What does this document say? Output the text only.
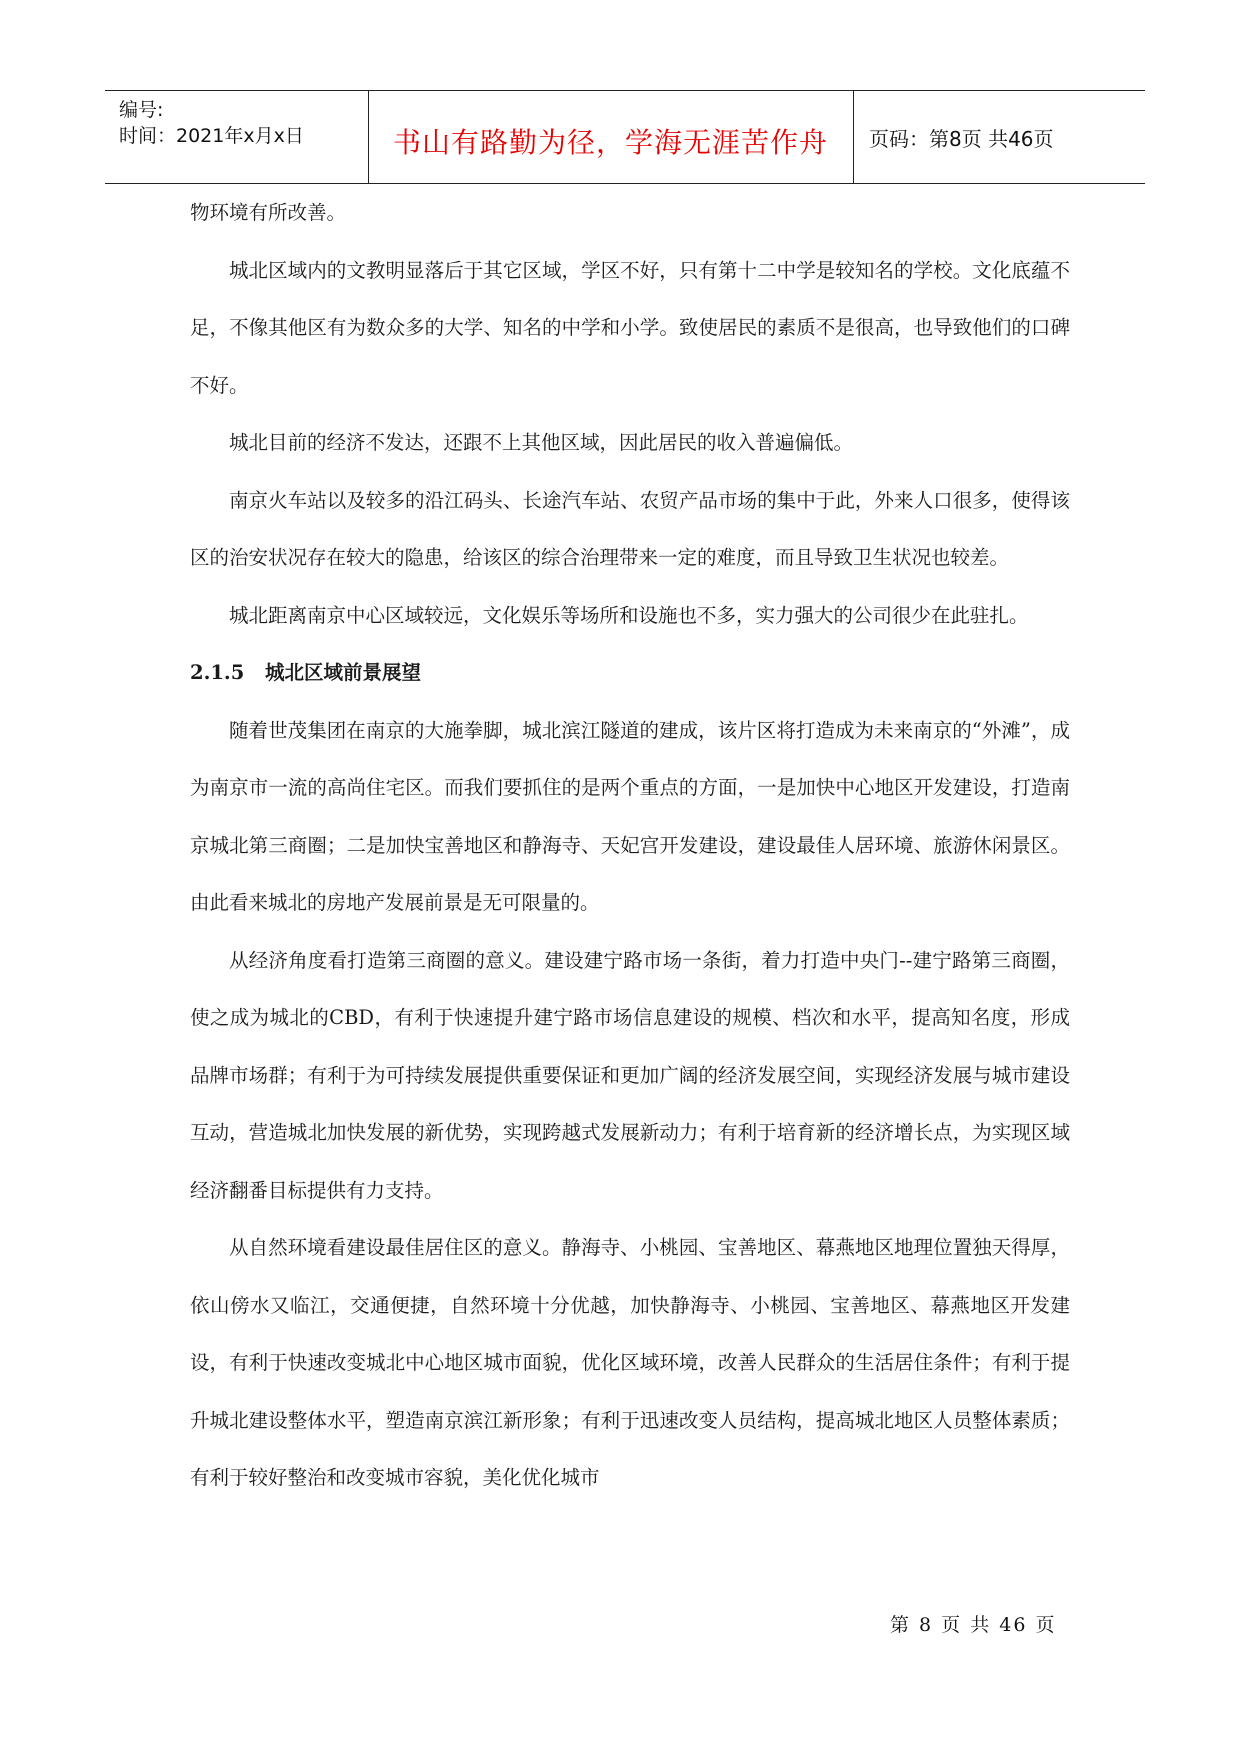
编号:
时间：2021年x月x日	书山有路勤为径，学海无涯苦作舟	页码：第8页 共46页

物环境有所改善。

城北区域内的文教明显落后于其它区域，学区不好，只有第十二中学是较知名的学校。文化底蕴不足，不像其他区有为数众多的大学、知名的中学和小学。致使居民的素质不是很高，也导致他们的口碑不好。

城北目前的经济不发达，还跟不上其他区域，因此居民的收入普遍偏低。

南京火车站以及较多的沿江码头、长途汽车站、农贸产品市场的集中于此，外来人口很多，使得该区的治安状况存在较大的隐患，给该区的综合治理带来一定的难度，而且导致卫生状况也较差。

城北距离南京中心区域较远，文化娱乐等场所和设施也不多，实力强大的公司很少在此驻扎。

2.1.5 城北区域前景展望

随着世茂集团在南京的大施拳脚，城北滨江隧道的建成，该片区将打造成为未来南京的“外滩”，成为南京市一流的高尚住宅区。而我们要抓住的是两个重点的方面，一是加快中心地区开发建设，打造南京城北第三商圈；二是加快宝善地区和静海寺、天妃宫开发建设，建设最佳人居环境、旅游休闲景区。由此看来城北的房地产发展前景是无可限量的。

从经济角度看打造第三商圈的意义。建设建宁路市场一条街，着力打造中央门--建宁路第三商圈，使之成为城北的CBD，有利于快速提升建宁路市场信息建设的规模、档次和水平，提高知名度，形成品牌市场群；有利于为可持续发展提供重要保证和更加广阔的经济发展空间，实现经济发展与城市建设互动，营造城北加快发展的新优势，实现跨越式发展新动力；有利于培育新的经济增长点，为实现区域经济翻番目标提供有力支持。

从自然环境看建设最佳居住区的意义。静海寺、小桃园、宝善地区、幕燕地区地理位置独天得厚，依山傍水又临江，交通便捷，自然环境十分优越，加快静海寺、小桃园、宝善地区、幕燕地区开发建设，有利于快速改变城北中心地区城市面貌，优化区域环境，改善人民群众的生活居住条件；有利于提升城北建设整体水平，塑造南京滨江新形象；有利于迅速改变人员结构，提高城北地区人员整体素质；有利于较好整治和改变城市容貌，美化优化城市

第 8 页 共 46 页
